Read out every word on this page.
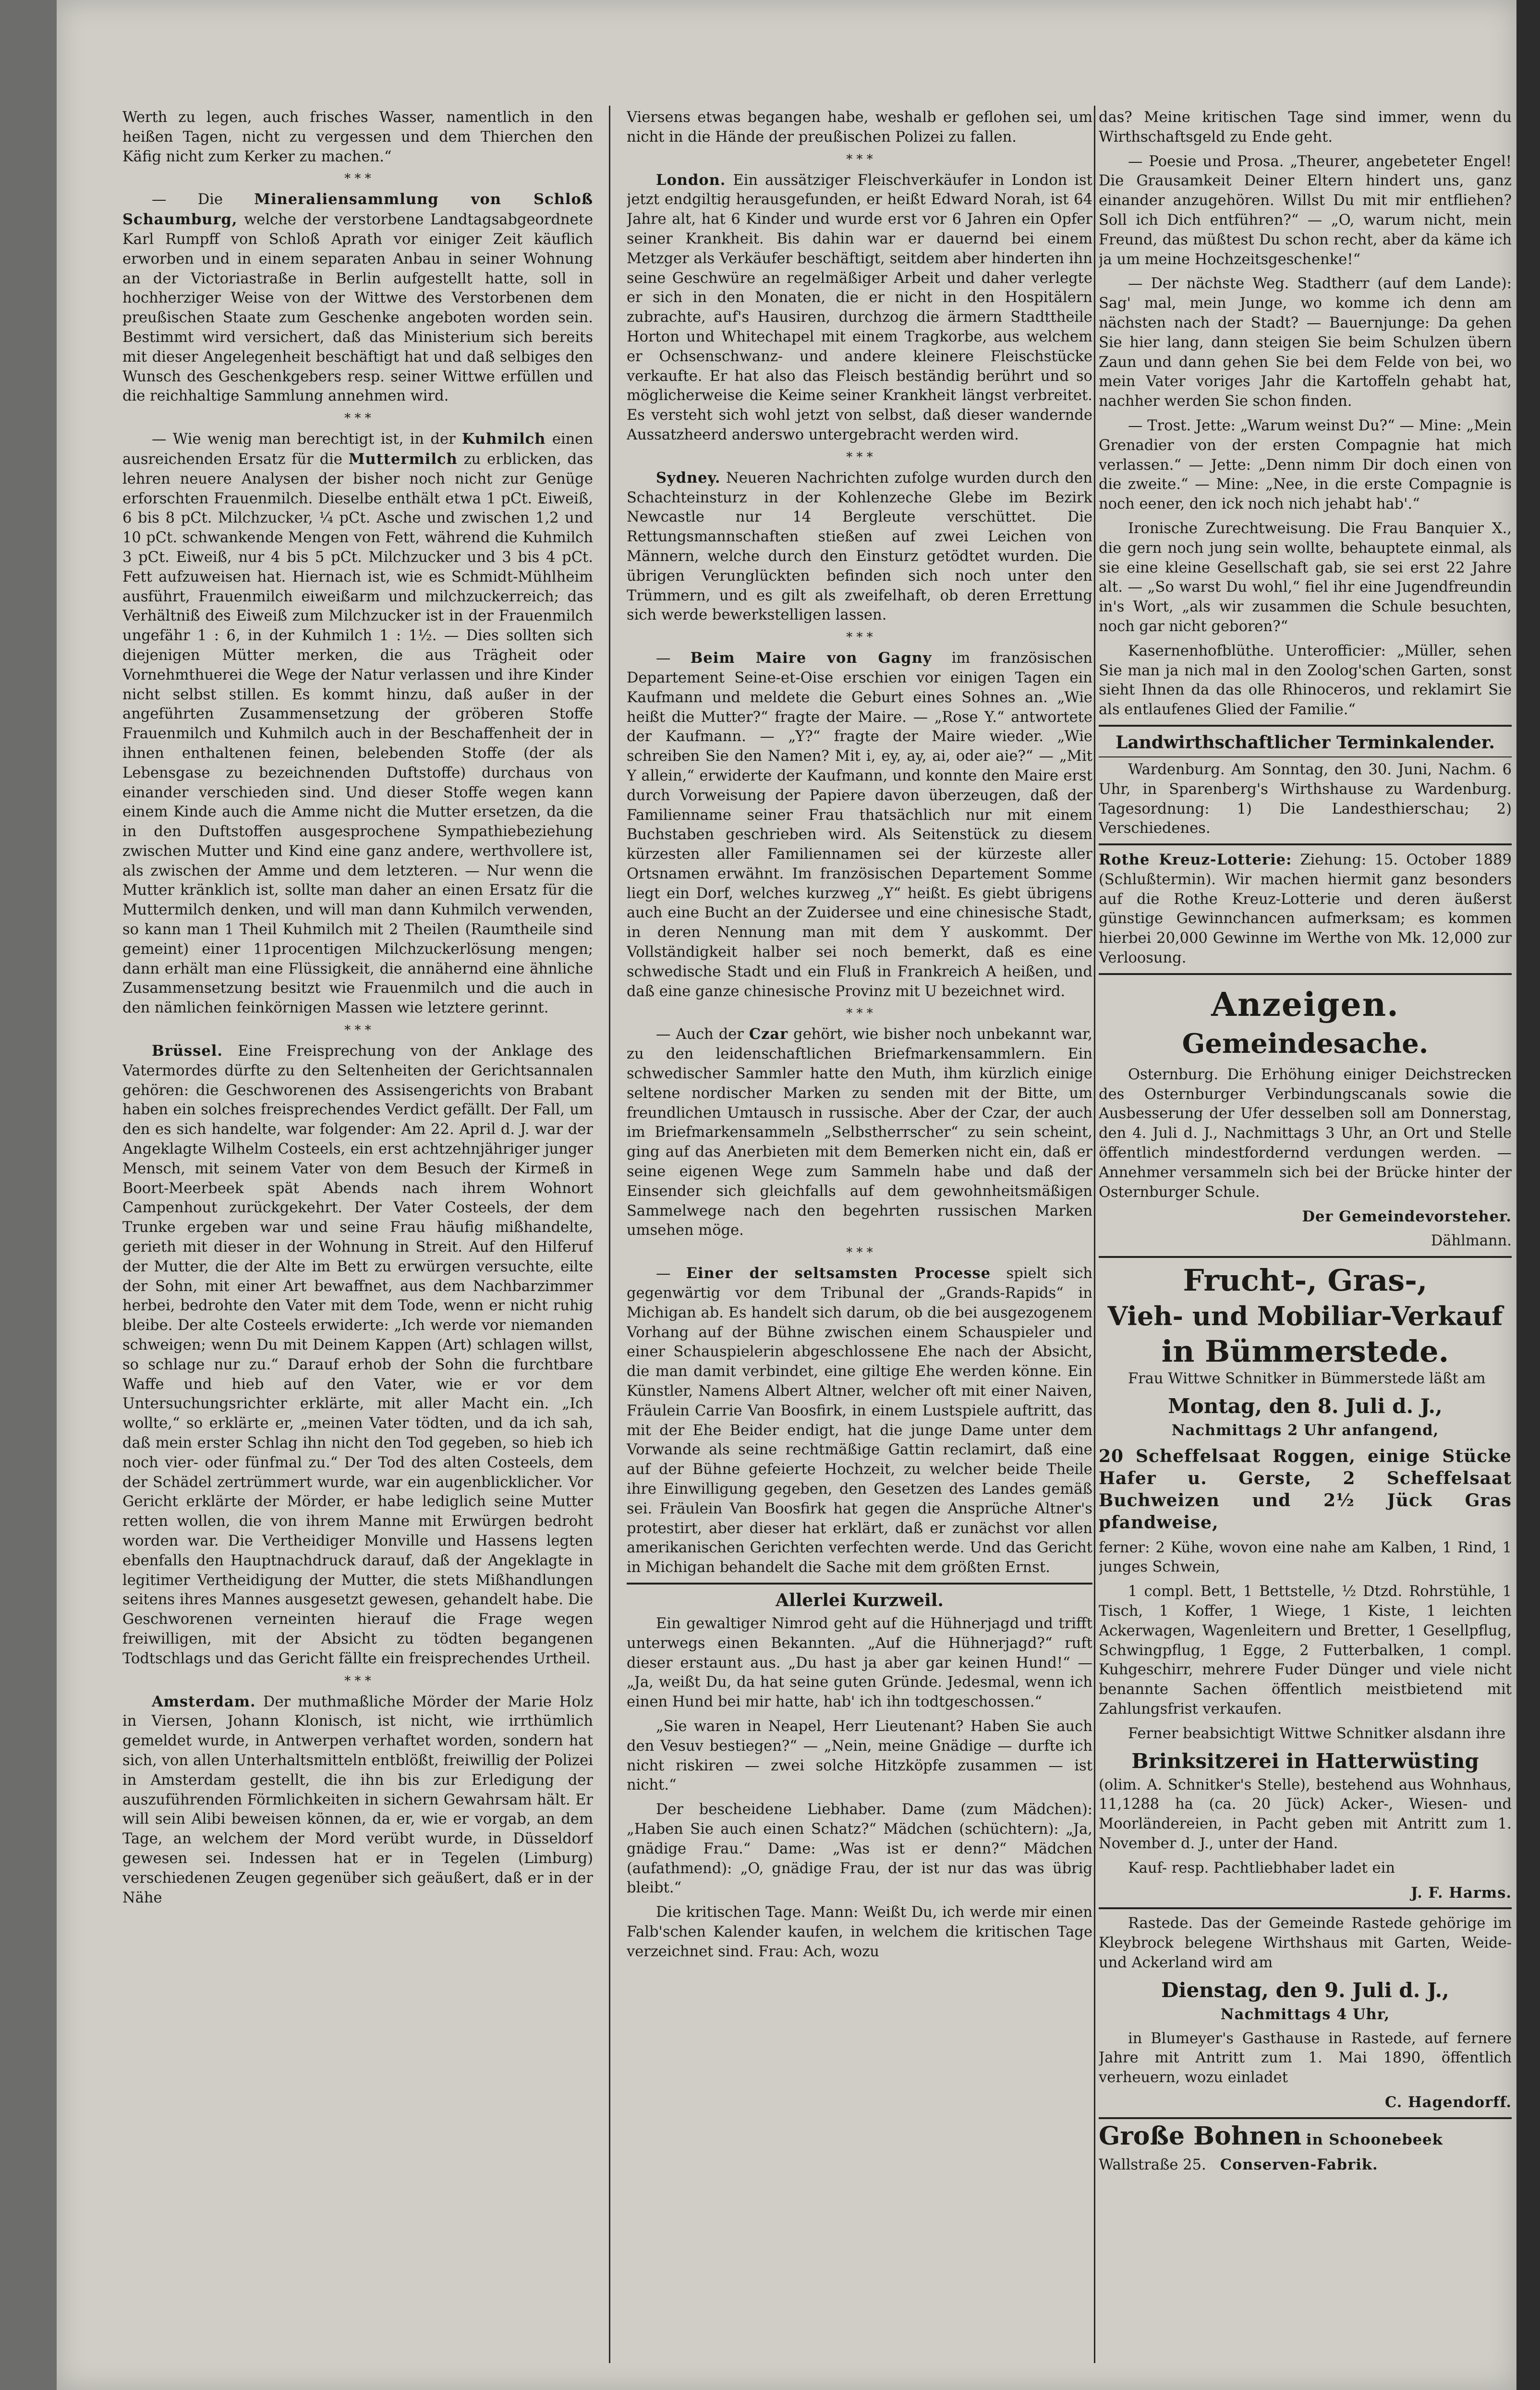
Werth zu legen, auch frisches Wasser, namentlich in den heißen Tagen, nicht zu vergessen und dem Thierchen den Käfig nicht zum Kerker zu machen.“

* * *

— Die Mineraliensammlung von Schloß Schaumburg, welche der verstorbene Landtagsabgeordnete Karl Rumpff von Schloß Aprath vor einiger Zeit käuflich erworben und in einem separaten Anbau in seiner Wohnung an der Victoriastraße in Berlin aufgestellt hatte, soll in hochherziger Weise von der Wittwe des Verstorbenen dem preußischen Staate zum Geschenke angeboten worden sein. Bestimmt wird versichert, daß das Ministerium sich bereits mit dieser Angelegenheit beschäftigt hat und daß selbiges den Wunsch des Geschenkgebers resp. seiner Wittwe erfüllen und die reichhaltige Sammlung annehmen wird.

* * *

— Wie wenig man berechtigt ist, in der Kuhmilch einen ausreichenden Ersatz für die Muttermilch zu erblicken, das lehren neuere Analysen der bisher noch nicht zur Genüge erforschten Frauenmilch. Dieselbe enthält etwa 1 pCt. Eiweiß, 6 bis 8 pCt. Milchzucker, ¼ pCt. Asche und zwischen 1,2 und 10 pCt. schwankende Mengen von Fett, während die Kuhmilch 3 pCt. Eiweiß, nur 4 bis 5 pCt. Milchzucker und 3 bis 4 pCt. Fett aufzuweisen hat. Hiernach ist, wie es Schmidt-Mühlheim ausführt, Frauenmilch eiweißarm und milchzuckerreich; das Verhältniß des Eiweiß zum Milchzucker ist in der Frauenmilch ungefähr 1 : 6, in der Kuhmilch 1 : 1½. — Dies sollten sich diejenigen Mütter merken, die aus Trägheit oder Vornehmthuerei die Wege der Natur verlassen und ihre Kinder nicht selbst stillen. Es kommt hinzu, daß außer in der angeführten Zusammensetzung der gröberen Stoffe Frauenmilch und Kuhmilch auch in der Beschaffenheit der in ihnen enthaltenen feinen, belebenden Stoffe (der als Lebensgase zu bezeichnenden Duftstoffe) durchaus von einander verschieden sind. Und dieser Stoffe wegen kann einem Kinde auch die Amme nicht die Mutter ersetzen, da die in den Duftstoffen ausgesprochene Sympathiebeziehung zwischen Mutter und Kind eine ganz andere, werthvollere ist, als zwischen der Amme und dem letzteren. — Nur wenn die Mutter kränklich ist, sollte man daher an einen Ersatz für die Muttermilch denken, und will man dann Kuhmilch verwenden, so kann man 1 Theil Kuhmilch mit 2 Theilen (Raumtheile sind gemeint) einer 11procentigen Milchzuckerlösung mengen; dann erhält man eine Flüssigkeit, die annähernd eine ähnliche Zusammensetzung besitzt wie Frauenmilch und die auch in den nämlichen feinkörnigen Massen wie letztere gerinnt.

* * *

Brüssel. Eine Freisprechung von der Anklage des Vatermordes dürfte zu den Seltenheiten der Gerichtsannalen gehören: die Geschworenen des Assisengerichts von Brabant haben ein solches freisprechendes Verdict gefällt. Der Fall, um den es sich handelte, war folgender: Am 22. April d. J. war der Angeklagte Wilhelm Costeels, ein erst achtzehnjähriger junger Mensch, mit seinem Vater von dem Besuch der Kirmeß in Boort-Meerbeek spät Abends nach ihrem Wohnort Campenhout zurückgekehrt. Der Vater Costeels, der dem Trunke ergeben war und seine Frau häufig mißhandelte, gerieth mit dieser in der Wohnung in Streit. Auf den Hilferuf der Mutter, die der Alte im Bett zu erwürgen versuchte, eilte der Sohn, mit einer Art bewaffnet, aus dem Nachbarzimmer herbei, bedrohte den Vater mit dem Tode, wenn er nicht ruhig bleibe. Der alte Costeels erwiderte: „Ich werde vor niemanden schweigen; wenn Du mit Deinem Kappen (Art) schlagen willst, so schlage nur zu.“ Darauf erhob der Sohn die furchtbare Waffe und hieb auf den Vater, wie er vor dem Untersuchungsrichter erklärte, mit aller Macht ein. „Ich wollte,“ so erklärte er, „meinen Vater tödten, und da ich sah, daß mein erster Schlag ihn nicht den Tod gegeben, so hieb ich noch vier- oder fünfmal zu.“ Der Tod des alten Costeels, dem der Schädel zertrümmert wurde, war ein augenblicklicher. Vor Gericht erklärte der Mörder, er habe lediglich seine Mutter retten wollen, die von ihrem Manne mit Erwürgen bedroht worden war. Die Vertheidiger Monville und Hassens legten ebenfalls den Hauptnachdruck darauf, daß der Angeklagte in legitimer Vertheidigung der Mutter, die stets Mißhandlungen seitens ihres Mannes ausgesetzt gewesen, gehandelt habe. Die Geschworenen verneinten hierauf die Frage wegen freiwilligen, mit der Absicht zu tödten begangenen Todtschlags und das Gericht fällte ein freisprechendes Urtheil.

* * *

Amsterdam. Der muthmaßliche Mörder der Marie Holz in Viersen, Johann Klonisch, ist nicht, wie irrthümlich gemeldet wurde, in Antwerpen verhaftet worden, sondern hat sich, von allen Unterhaltsmitteln entblößt, freiwillig der Polizei in Amsterdam gestellt, die ihn bis zur Erledigung der auszuführenden Förmlichkeiten in sichern Gewahrsam hält. Er will sein Alibi beweisen können, da er, wie er vorgab, an dem Tage, an welchem der Mord verübt wurde, in Düsseldorf gewesen sei. Indessen hat er in Tegelen (Limburg) verschiedenen Zeugen gegenüber sich geäußert, daß er in der Nähe

Viersens etwas begangen habe, weshalb er geflohen sei, um nicht in die Hände der preußischen Polizei zu fallen.

* * *

London. Ein aussätziger Fleischverkäufer in London ist jetzt endgiltig herausgefunden, er heißt Edward Norah, ist 64 Jahre alt, hat 6 Kinder und wurde erst vor 6 Jahren ein Opfer seiner Krankheit. Bis dahin war er dauernd bei einem Metzger als Verkäufer beschäftigt, seitdem aber hinderten ihn seine Geschwüre an regelmäßiger Arbeit und daher verlegte er sich in den Monaten, die er nicht in den Hospitälern zubrachte, auf's Hausiren, durchzog die ärmern Stadttheile Horton und Whitechapel mit einem Tragkorbe, aus welchem er Ochsenschwanz- und andere kleinere Fleischstücke verkaufte. Er hat also das Fleisch beständig berührt und so möglicherweise die Keime seiner Krankheit längst verbreitet. Es versteht sich wohl jetzt von selbst, daß dieser wandernde Aussatzheerd anderswo untergebracht werden wird.

* * *

Sydney. Neueren Nachrichten zufolge wurden durch den Schachteinsturz in der Kohlenzeche Glebe im Bezirk Newcastle nur 14 Bergleute verschüttet. Die Rettungsmannschaften stießen auf zwei Leichen von Männern, welche durch den Einsturz getödtet wurden. Die übrigen Verunglückten befinden sich noch unter den Trümmern, und es gilt als zweifelhaft, ob deren Errettung sich werde bewerkstelligen lassen.

* * *

— Beim Maire von Gagny im französischen Departement Seine-et-Oise erschien vor einigen Tagen ein Kaufmann und meldete die Geburt eines Sohnes an. „Wie heißt die Mutter?“ fragte der Maire. — „Rose Y.“ antwortete der Kaufmann. — „Y?“ fragte der Maire wieder. „Wie schreiben Sie den Namen? Mit i, ey, ay, ai, oder aie?“ — „Mit Y allein,“ erwiderte der Kaufmann, und konnte den Maire erst durch Vorweisung der Papiere davon überzeugen, daß der Familienname seiner Frau thatsächlich nur mit einem Buchstaben geschrieben wird. Als Seitenstück zu diesem kürzesten aller Familiennamen sei der kürzeste aller Ortsnamen erwähnt. Im französischen Departement Somme liegt ein Dorf, welches kurzweg „Y“ heißt. Es giebt übrigens auch eine Bucht an der Zuidersee und eine chinesische Stadt, in deren Nennung man mit dem Y auskommt. Der Vollständigkeit halber sei noch bemerkt, daß es eine schwedische Stadt und ein Fluß in Frankreich A heißen, und daß eine ganze chinesische Provinz mit U bezeichnet wird.

* * *

— Auch der Czar gehört, wie bisher noch unbekannt war, zu den leidenschaftlichen Briefmarkensammlern. Ein schwedischer Sammler hatte den Muth, ihm kürzlich einige seltene nordischer Marken zu senden mit der Bitte, um freundlichen Umtausch in russische. Aber der Czar, der auch im Briefmarkensammeln „Selbstherrscher“ zu sein scheint, ging auf das Anerbieten mit dem Bemerken nicht ein, daß er seine eigenen Wege zum Sammeln habe und daß der Einsender sich gleichfalls auf dem gewohnheitsmäßigen Sammelwege nach den begehrten russischen Marken umsehen möge.

* * *

— Einer der seltsamsten Processe spielt sich gegenwärtig vor dem Tribunal der „Grands-Rapids“ in Michigan ab. Es handelt sich darum, ob die bei ausgezogenem Vorhang auf der Bühne zwischen einem Schauspieler und einer Schauspielerin abgeschlossene Ehe nach der Absicht, die man damit verbindet, eine giltige Ehe werden könne. Ein Künstler, Namens Albert Altner, welcher oft mit einer Naiven, Fräulein Carrie Van Boosfirk, in einem Lustspiele auftritt, das mit der Ehe Beider endigt, hat die junge Dame unter dem Vorwande als seine rechtmäßige Gattin reclamirt, daß eine auf der Bühne gefeierte Hochzeit, zu welcher beide Theile ihre Einwilligung gegeben, den Gesetzen des Landes gemäß sei. Fräulein Van Boosfirk hat gegen die Ansprüche Altner's protestirt, aber dieser hat erklärt, daß er zunächst vor allen amerikanischen Gerichten verfechten werde. Und das Gericht in Michigan behandelt die Sache mit dem größten Ernst.

Allerlei Kurzweil.

Ein gewaltiger Nimrod geht auf die Hühnerjagd und trifft unterwegs einen Bekannten. „Auf die Hühnerjagd?“ ruft dieser erstaunt aus. „Du hast ja aber gar keinen Hund!“ — „Ja, weißt Du, da hat seine guten Gründe. Jedesmal, wenn ich einen Hund bei mir hatte, hab' ich ihn todtgeschossen.“

„Sie waren in Neapel, Herr Lieutenant? Haben Sie auch den Vesuv bestiegen?“ — „Nein, meine Gnädige — durfte ich nicht riskiren — zwei solche Hitzköpfe zusammen — ist nicht.“

Der bescheidene Liebhaber. Dame (zum Mädchen): „Haben Sie auch einen Schatz?“ Mädchen (schüchtern): „Ja, gnädige Frau.“ Dame: „Was ist er denn?“ Mädchen (aufathmend): „O, gnädige Frau, der ist nur das was übrig bleibt.“

Die kritischen Tage. Mann: Weißt Du, ich werde mir einen Falb'schen Kalender kaufen, in welchem die kritischen Tage verzeichnet sind. Frau: Ach, wozu

das? Meine kritischen Tage sind immer, wenn du Wirthschaftsgeld zu Ende geht.

— Poesie und Prosa. „Theurer, angebeteter Engel! Die Grausamkeit Deiner Eltern hindert uns, ganz einander anzugehören. Willst Du mit mir entfliehen? Soll ich Dich entführen?“ — „O, warum nicht, mein Freund, das müßtest Du schon recht, aber da käme ich ja um meine Hochzeitsgeschenke!“

— Der nächste Weg. Stadtherr (auf dem Lande): Sag' mal, mein Junge, wo komme ich denn am nächsten nach der Stadt? — Bauernjunge: Da gehen Sie hier lang, dann steigen Sie beim Schulzen übern Zaun und dann gehen Sie bei dem Felde von bei, wo mein Vater voriges Jahr die Kartoffeln gehabt hat, nachher werden Sie schon finden.

— Trost. Jette: „Warum weinst Du?“ — Mine: „Mein Grenadier von der ersten Compagnie hat mich verlassen.“ — Jette: „Denn nimm Dir doch einen von die zweite.“ — Mine: „Nee, in die erste Compagnie is noch eener, den ick noch nich jehabt hab'.“

Ironische Zurechtweisung. Die Frau Banquier X., die gern noch jung sein wollte, behauptete einmal, als sie eine kleine Gesellschaft gab, sie sei erst 22 Jahre alt. — „So warst Du wohl,“ fiel ihr eine Jugendfreundin in's Wort, „als wir zusammen die Schule besuchten, noch gar nicht geboren?“

Kasernenhofblüthe. Unterofficier: „Müller, sehen Sie man ja nich mal in den Zoolog'schen Garten, sonst sieht Ihnen da das olle Rhinoceros, und reklamirt Sie als entlaufenes Glied der Familie.“

Landwirthschaftlicher Terminkalender.

Wardenburg. Am Sonntag, den 30. Juni, Nachm. 6 Uhr, in Sparenberg's Wirthshause zu Wardenburg. Tagesordnung: 1) Die Landesthierschau; 2) Verschiedenes.

Rothe Kreuz-Lotterie: Ziehung: 15. October 1889 (Schlußtermin). Wir machen hiermit ganz besonders auf die Rothe Kreuz-Lotterie und deren äußerst günstige Gewinnchancen aufmerksam; es kommen hierbei 20,000 Gewinne im Werthe von Mk. 12,000 zur Verloosung.

Anzeigen.
Gemeindesache.

Osternburg. Die Erhöhung einiger Deichstrecken des Osternburger Verbindungscanals sowie die Ausbesserung der Ufer desselben soll am Donnerstag, den 4. Juli d. J., Nachmittags 3 Uhr, an Ort und Stelle öffentlich mindestfordernd verdungen werden. — Annehmer versammeln sich bei der Brücke hinter der Osternburger Schule.

Der Gemeindevorsteher.

Dählmann.

Frucht-, Gras-,
Vieh- und Mobiliar-Verkauf
in Bümmerstede.

Frau Wittwe Schnitker in Bümmerstede läßt am

Montag, den 8. Juli d. J.,

Nachmittags 2 Uhr anfangend,

20 Scheffelsaat Roggen, einige Stücke Hafer u. Gerste, 2 Scheffelsaat Buchweizen und 2½ Jück Gras pfandweise,

ferner: 2 Kühe, wovon eine nahe am Kalben, 1 Rind, 1 junges Schwein,

1 compl. Bett, 1 Bettstelle, ½ Dtzd. Rohrstühle, 1 Tisch, 1 Koffer, 1 Wiege, 1 Kiste, 1 leichten Ackerwagen, Wagenleitern und Bretter, 1 Gesellpflug, Schwingpflug, 1 Egge, 2 Futterbalken, 1 compl. Kuhgeschirr, mehrere Fuder Dünger und viele nicht benannte Sachen öffentlich meistbietend mit Zahlungsfrist verkaufen.

Ferner beabsichtigt Wittwe Schnitker alsdann ihre

Brinksitzerei in Hatterwüsting

(olim. A. Schnitker's Stelle), bestehend aus Wohnhaus, 11,1288 ha (ca. 20 Jück) Acker-, Wiesen- und Moorländereien, in Pacht geben mit Antritt zum 1. November d. J., unter der Hand.

Kauf- resp. Pachtliebhaber ladet ein

J. F. Harms.

Rastede. Das der Gemeinde Rastede gehörige im Kleybrock belegene Wirthshaus mit Garten, Weide- und Ackerland wird am

Dienstag, den 9. Juli d. J.,

Nachmittags 4 Uhr,

in Blumeyer's Gasthause in Rastede, auf fernere Jahre mit Antritt zum 1. Mai 1890, öffentlich verheuern, wozu einladet

C. Hagendorff.

Große Bohnen in Schoonebeek

Wallstraße 25. Conserven-Fabrik.
